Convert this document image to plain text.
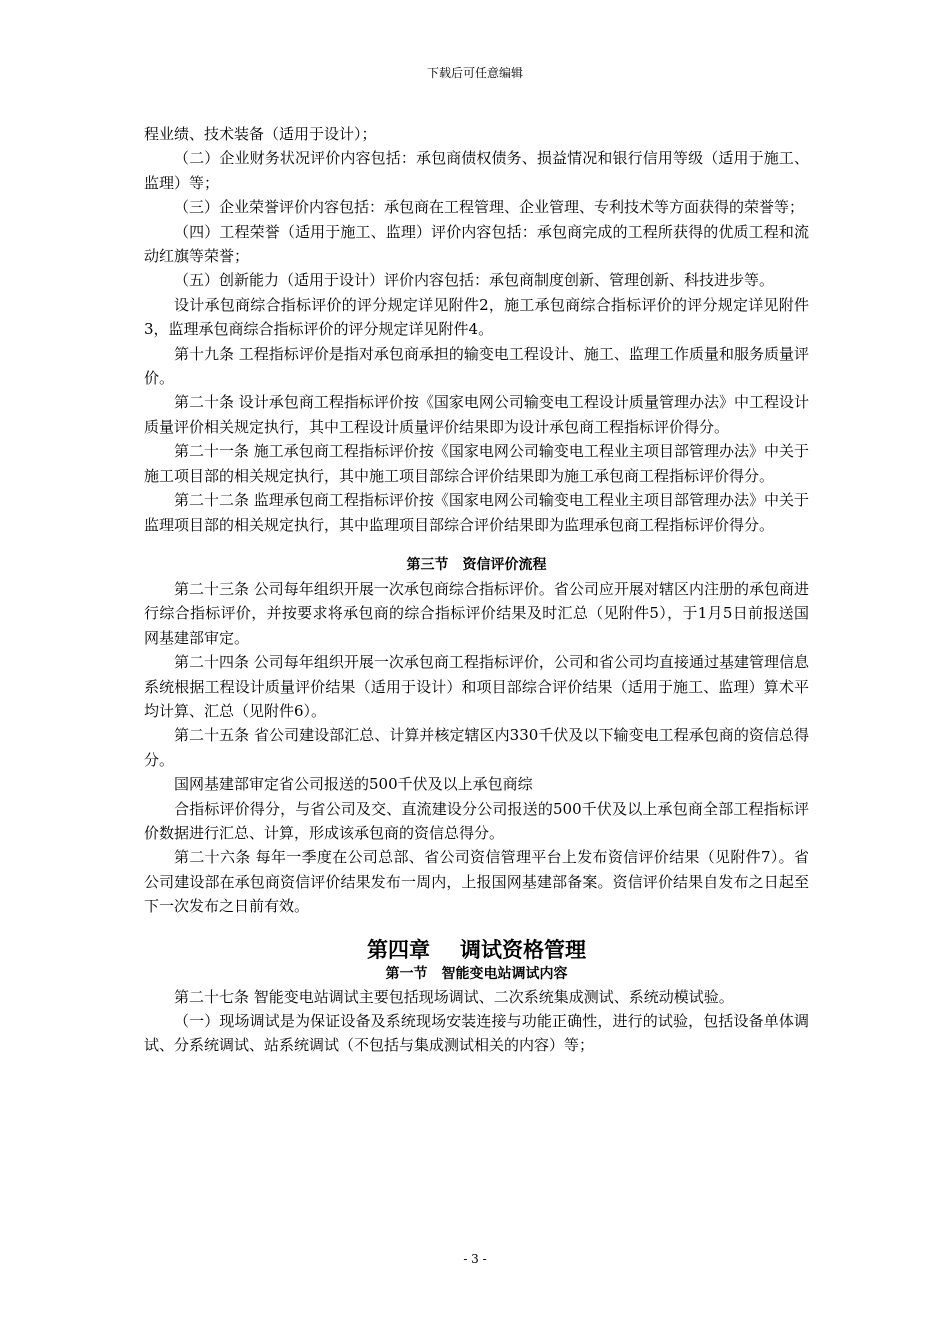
下载后可任意编辑

程业绩、技术装备（适用于设计）；

（二）企业财务状况评价内容包括：承包商债权债务、损益情况和银行信用等级（适用于施工、监理）等；

（三）企业荣誉评价内容包括：承包商在工程管理、企业管理、专利技术等方面获得的荣誉等；

（四）工程荣誉（适用于施工、监理）评价内容包括：承包商完成的工程所获得的优质工程和流动红旗等荣誉；

（五）创新能力（适用于设计）评价内容包括：承包商制度创新、管理创新、科技进步等。

设计承包商综合指标评价的评分规定详见附件2，施工承包商综合指标评价的评分规定详见附件3，监理承包商综合指标评价的评分规定详见附件4。

第十九条 工程指标评价是指对承包商承担的输变电工程设计、施工、监理工作质量和服务质量评价。

第二十条 设计承包商工程指标评价按《国家电网公司输变电工程设计质量管理办法》中工程设计质量评价相关规定执行，其中工程设计质量评价结果即为设计承包商工程指标评价得分。

第二十一条 施工承包商工程指标评价按《国家电网公司输变电工程业主项目部管理办法》中关于施工项目部的相关规定执行，其中施工项目部综合评价结果即为施工承包商工程指标评价得分。

第二十二条 监理承包商工程指标评价按《国家电网公司输变电工程业主项目部管理办法》中关于监理项目部的相关规定执行，其中监理项目部综合评价结果即为监理承包商工程指标评价得分。

第三节 资信评价流程

第二十三条 公司每年组织开展一次承包商综合指标评价。省公司应开展对辖区内注册的承包商进行综合指标评价，并按要求将承包商的综合指标评价结果及时汇总（见附件5），于1月5日前报送国网基建部审定。

第二十四条 公司每年组织开展一次承包商工程指标评价，公司和省公司均直接通过基建管理信息系统根据工程设计质量评价结果（适用于设计）和项目部综合评价结果（适用于施工、监理）算术平均计算、汇总（见附件6）。

第二十五条 省公司建设部汇总、计算并核定辖区内330千伏及以下输变电工程承包商的资信总得分。

国网基建部审定省公司报送的500千伏及以上承包商综

合指标评价得分，与省公司及交、直流建设分公司报送的500千伏及以上承包商全部工程指标评价数据进行汇总、计算，形成该承包商的资信总得分。

第二十六条 每年一季度在公司总部、省公司资信管理平台上发布资信评价结果（见附件7）。省公司建设部在承包商资信评价结果发布一周内，上报国网基建部备案。资信评价结果自发布之日起至下一次发布之日前有效。

第四章 调试资格管理
第一节 智能变电站调试内容

第二十七条 智能变电站调试主要包括现场调试、二次系统集成测试、系统动模试验。

（一）现场调试是为保证设备及系统现场安装连接与功能正确性，进行的试验，包括设备单体调试、分系统调试、站系统调试（不包括与集成测试相关的内容）等；

- 3 -
